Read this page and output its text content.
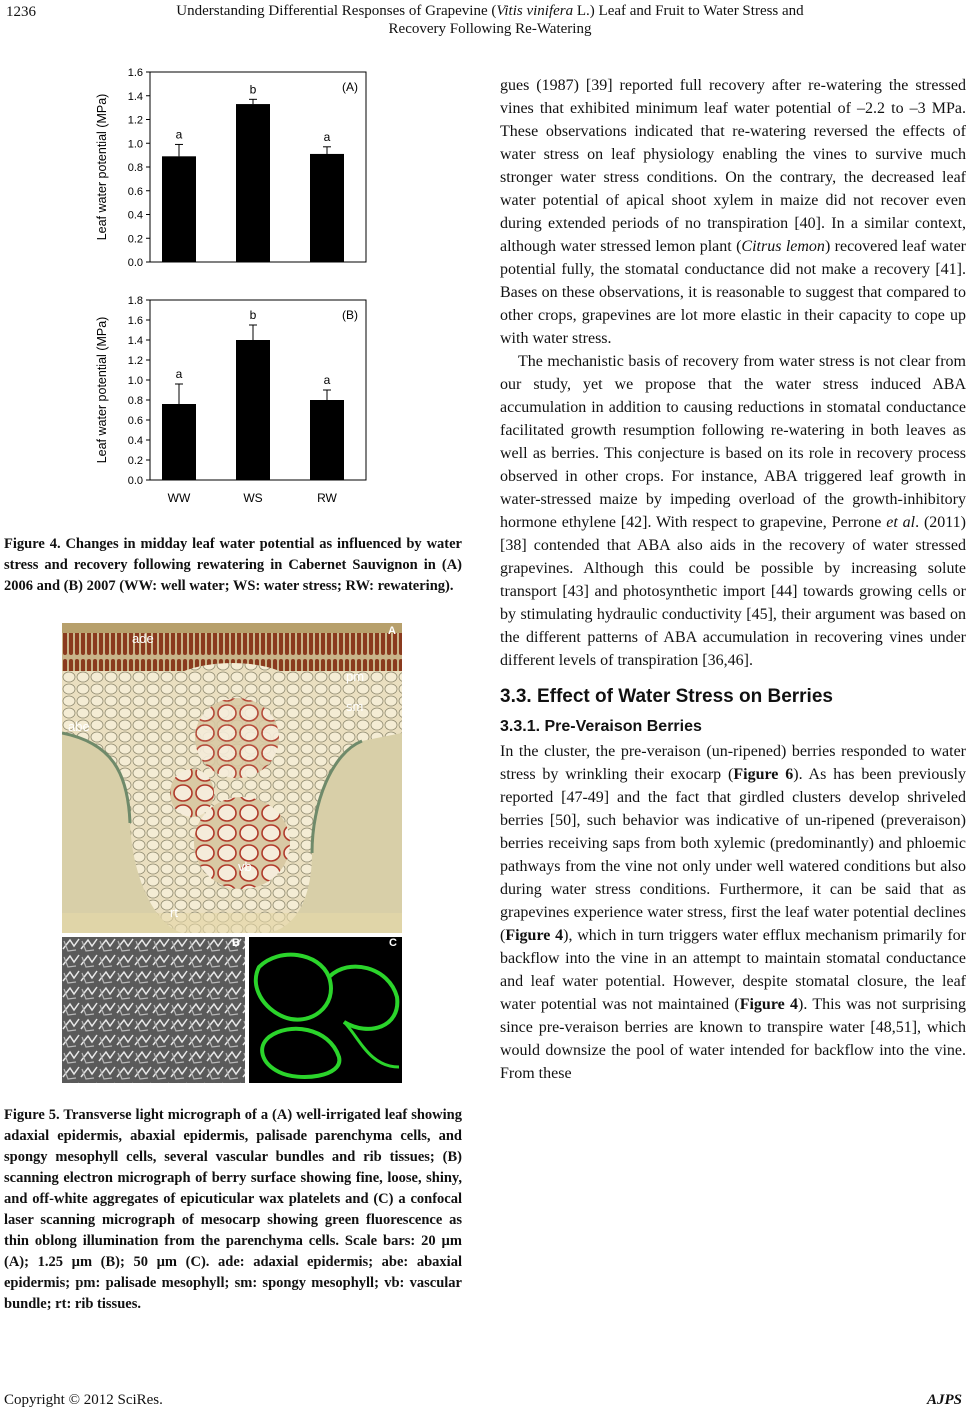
1236	Understanding Differential Responses of Grapevine (Vitis vinifera L.) Leaf and Fruit to Water Stress and
Recovery Following Re-Watering
0.0
0.2
0.4
0.6
0.8
1.0
1.2
1.4
1.6
Leaf water potential (MPa)
(A)
a
b
a
0.0
0.2
0.4
0.6
0.8
1.0
1.2
1.4
1.6
1.8
Leaf water potential (MPa)
(B)
a
WW
b
WS
a
RW

Figure 4. Changes in midday leaf water potential as influenced by water stress and recovery following rewatering in Cabernet Sauvignon in (A) 2006 and (B) 2007 (WW: well water; WS: water stress; RW: rewatering).

ade
abe
pm
sm
vb
rt
A
B	C

Figure 5. Transverse light micrograph of a (A) well-irrigated leaf showing adaxial epidermis, abaxial epidermis, palisade parenchyma cells, and spongy mesophyll cells, several vascular bundles and rib tissues; (B) scanning electron micrograph of berry surface showing fine, loose, shiny, and off-white aggregates of epicuticular wax platelets and (C) a confocal laser scanning micrograph of mesocarp showing green fluorescence as thin oblong illumination from the parenchyma cells. Scale bars: 20 µm (A); 1.25 µm (B); 50 µm (C). ade: adaxial epidermis; abe: abaxial epidermis; pm: palisade mesophyll; sm: spongy mesophyll; vb: vascular bundle; rt: rib tissues.

gues (1987) [39] reported full recovery after re-watering the stressed vines that exhibited minimum leaf water potential of –2.2 to –3 MPa. These observations indicated that re-watering reversed the effects of water stress on leaf physiology enabling the vines to survive much stronger water stress conditions. On the contrary, the decreased leaf water potential of apical shoot xylem in maize did not recover even during extended periods of no transpiration [40]. In a similar context, although water stressed lemon plant (Citrus lemon) recovered leaf water potential fully, the stomatal conductance did not make a recovery [41]. Bases on these observations, it is reasonable to suggest that compared to other crops, grapevines are lot more elastic in their capacity to cope up with water stress.

The mechanistic basis of recovery from water stress is not clear from our study, yet we propose that the water stress induced ABA accumulation in addition to causing reductions in stomatal conductance facilitated growth resumption following re-watering in both leaves as well as berries. This conjecture is based on its role in recovery process observed in other crops. For instance, ABA triggered leaf growth in water-stressed maize by impeding overload of the growth-inhibitory hormone ethylene [42]. With respect to grapevine, Perrone et al. (2011) [38] contended that ABA also aids in the recovery of water stressed grapevines. Although this could be possible by increasing solute transport [43] and photosynthetic import [44] towards growing cells or by stimulating hydraulic conductivity [45], their argument was based on the different patterns of ABA accumulation in recovering vines under different levels of transpiration [36,46].

3.3. Effect of Water Stress on Berries
3.3.1. Pre-Veraison Berries

In the cluster, the pre-veraison (un-ripened) berries responded to water stress by wrinkling their exocarp (Figure 6). As has been previously reported [47-49] and the fact that girdled clusters develop shriveled berries [50], such behavior was indicative of un-ripened (preveraison) berries receiving saps from both xylemic (predominantly) and phloemic pathways from the vine not only under well watered conditions but also during water stress conditions. Furthermore, it can be said that as grapevines experience water stress, first the leaf water potential declines (Figure 4), which in turn triggers water efflux mechanism primarily for backflow into the vine in an attempt to maintain stomatal conductance and leaf water potential. However, despite stomatal closure, the leaf water potential was not maintained (Figure 4). This was not surprising since pre-veraison berries are known to transpire water [48,51], which would downsize the pool of water intended for backflow into the vine. From these

Copyright © 2012 SciRes.	AJPS
